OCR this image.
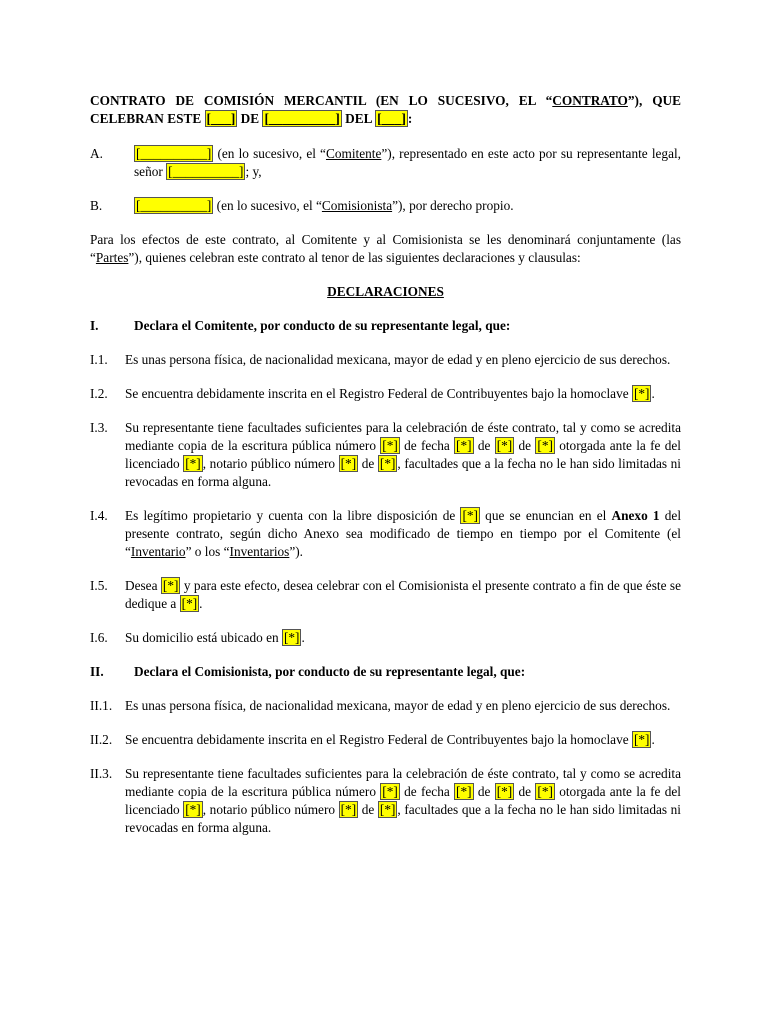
CONTRATO DE COMISIÓN MERCANTIL (EN LO SUCESIVO, EL “CONTRATO”), QUE CELEBRAN ESTE [___] DE [__________] DEL [___] :
A.	[__________] (en lo sucesivo, el “Comitente”), representado en este acto por su representante legal, señor [__________] ; y,
B.	[__________] (en lo sucesivo, el “Comisionista”), por derecho propio.

Para los efectos de este contrato, al Comitente y al Comisionista se les denominará conjuntamente (las “Partes”), quienes celebran este contrato al tenor de las siguientes declaraciones y clausulas:

DECLARACIONES
I.	Declara el Comitente, por conducto de su representante legal, que:
I.1.	Es unas persona física, de nacionalidad mexicana, mayor de edad y en pleno ejercicio de sus derechos.
I.2.	Se encuentra debidamente inscrita en el Registro Federal de Contribuyentes bajo la homoclave [*] .
I.3.	Su representante tiene facultades suficientes para la celebración de éste contrato, tal y como se acredita mediante copia de la escritura pública número [*] de fecha [*] de [*] de [*] otorgada ante la fe del licenciado [*] , notario público número [*] de [*] , facultades que a la fecha no le han sido limitadas ni revocadas en forma alguna.
I.4.	Es legítimo propietario y cuenta con la libre disposición de [*] que se enuncian en el Anexo 1 del presente contrato, según dicho Anexo sea modificado de tiempo en tiempo por el Comitente (el “Inventario” o los “Inventarios”).
I.5.	Desea [*] y para este efecto, desea celebrar con el Comisionista el presente contrato a fin de que éste se dedique a [*] .
I.6.	Su domicilio está ubicado en [*] .
II.	Declara el Comisionista, por conducto de su representante legal, que:
II.1. Es unas persona física, de nacionalidad mexicana, mayor de edad y en pleno ejercicio de sus derechos.
II.2. Se encuentra debidamente inscrita en el Registro Federal de Contribuyentes bajo la homoclave [*] .
II.3. Su representante tiene facultades suficientes para la celebración de éste contrato, tal y como se acredita mediante copia de la escritura pública número [*] de fecha [*] de [*] de [*] otorgada ante la fe del licenciado [*] , notario público número [*] de [*] , facultades que a la fecha no le han sido limitadas ni revocadas en forma alguna.
